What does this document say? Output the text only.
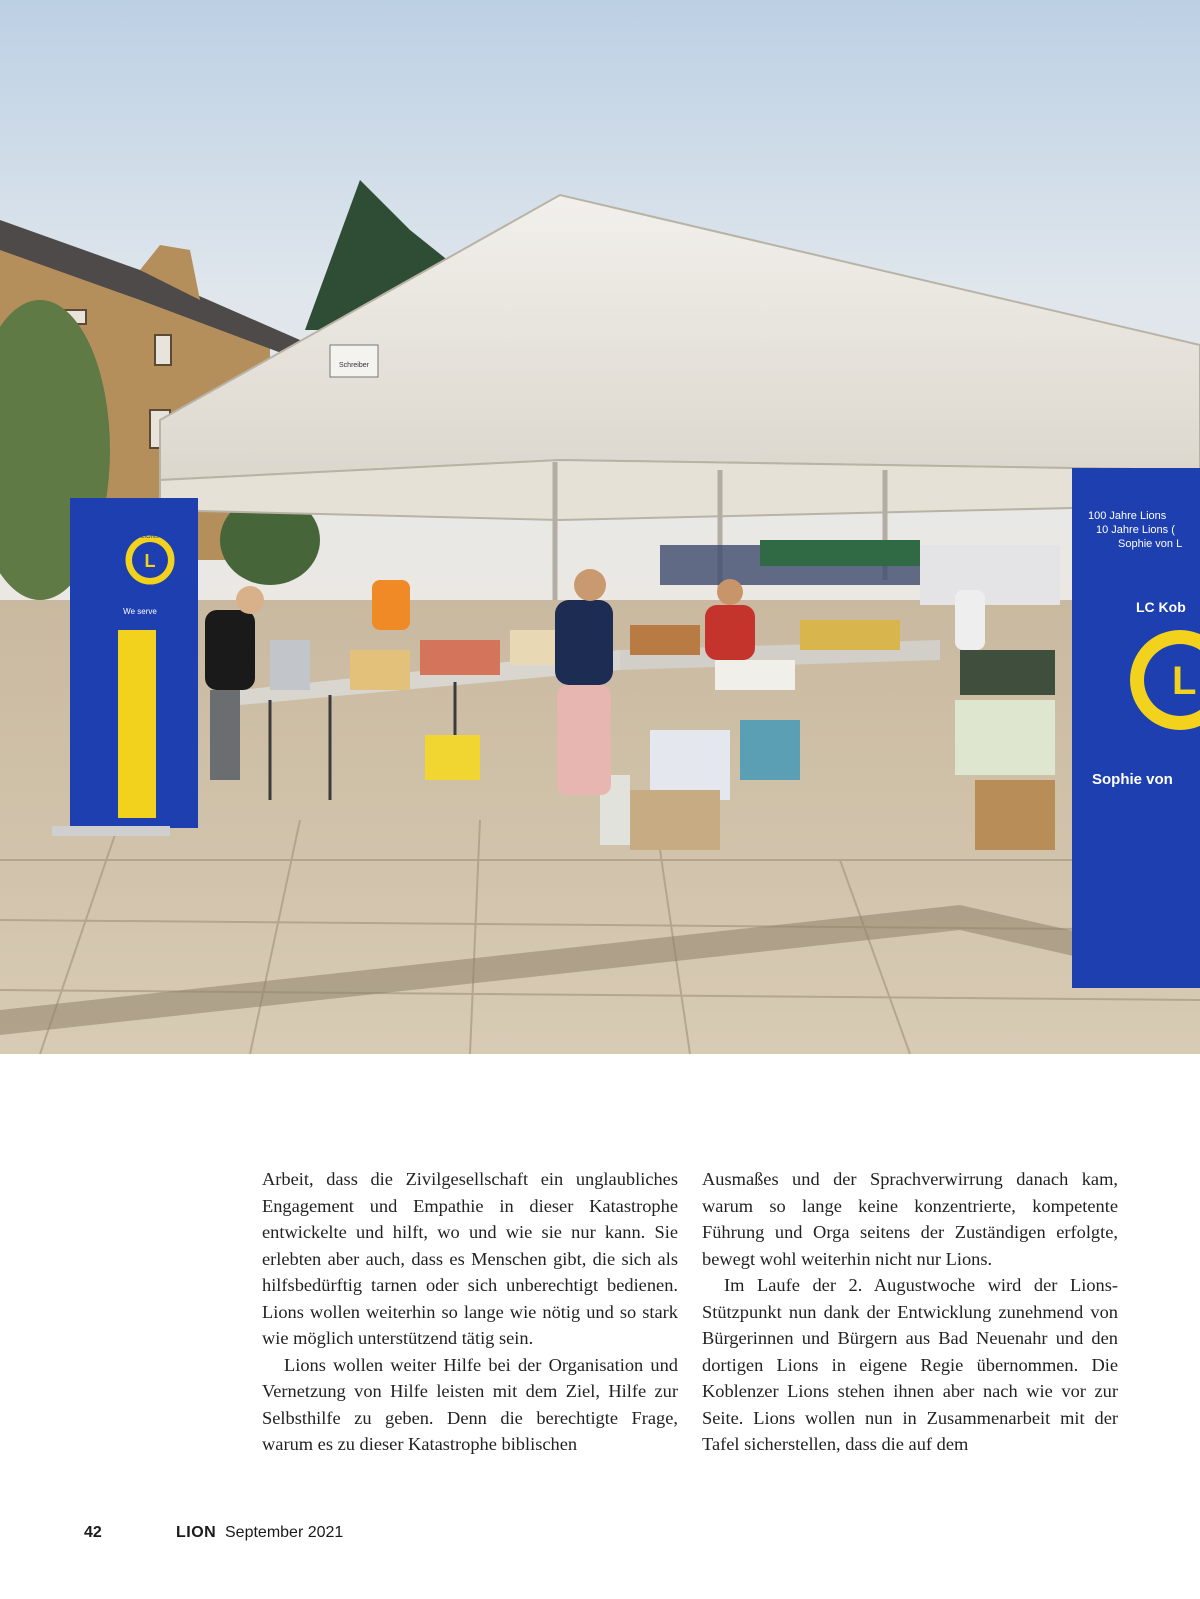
Schreiber
L
LIONS
We serve
100 Jahre Lions
10 Jahre Lions (
Sophie von L
LC Kob
L
Sophie von

Arbeit, dass die Zivilgesellschaft ein unglaubliches Engagement und Empathie in dieser Katastrophe entwickelte und hilft, wo und wie sie nur kann. Sie erlebten aber auch, dass es Menschen gibt, die sich als hilfsbedürftig tarnen oder sich unberechtigt bedienen. Lions wollen weiterhin so lange wie nötig und so stark wie möglich unterstützend tätig sein.

Lions wollen weiter Hilfe bei der Organisation und Vernetzung von Hilfe leisten mit dem Ziel, Hilfe zur Selbsthilfe zu geben. Denn die berechtigte Frage, warum es zu dieser Katastrophe biblischen

Ausmaßes und der Sprachverwirrung danach kam, warum so lange keine konzentrierte, kompetente Führung und Orga seitens der Zuständigen erfolgte, bewegt wohl weiterhin nicht nur Lions.

Im Laufe der 2. Augustwoche wird der Lions-Stützpunkt nun dank der Entwicklung zunehmend von Bürgerinnen und Bürgern aus Bad Neuenahr und den dortigen Lions in eigene Regie übernommen. Die Koblenzer Lions stehen ihnen aber nach wie vor zur Seite. Lions wollen nun in Zusammenarbeit mit der Tafel sicherstellen, dass die auf dem

42	LION September 2021
